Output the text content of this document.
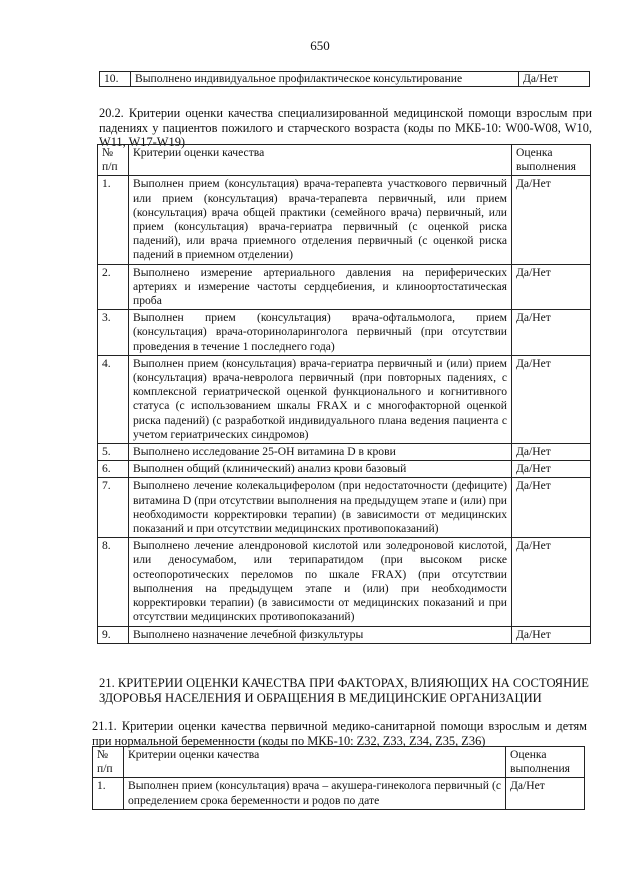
650
10.	Выполнено индивидуальное профилактическое консультирование	Да/Нет
20.2. Критерии оценки качества специализированной медицинской помощи взрослым при падениях у пациентов пожилого и старческого возраста (коды по МКБ-10: W00-W08, W10, W11, W17-W19)
№ п/п	Критерии оценки качества	Оценка выполнения
1.	Выполнен прием (консультация) врача-терапевта участкового первичный или прием (консультация) врача-терапевта первичный, или прием (консультация) врача общей практики (семейного врача) первичный, или прием (консультация) врача-гериатра первичный (с оценкой риска падений), или врача приемного отделения первичный (с оценкой риска падений в приемном отделении)	Да/Нет
2.	Выполнено измерение артериального давления на периферических артериях и измерение частоты сердцебиения, и клиноортостатическая проба	Да/Нет
3.	Выполнен прием (консультация) врача-офтальмолога, прием (консультация) врача-оториноларинголога первичный (при отсутствии проведения в течение 1 последнего года)	Да/Нет
4.	Выполнен прием (консультация) врача-гериатра первичный и (или) прием (консультация) врача-невролога первичный (при повторных падениях, с комплексной гериатрической оценкой функционального и когнитивного статуса (с использованием шкалы FRAX и с многофакторной оценкой риска падений) (с разработкой индивидуального плана ведения пациента с учетом гериатрических синдромов)	Да/Нет
5.	Выполнено исследование 25-OH витамина D в крови	Да/Нет
6.	Выполнен общий (клинический) анализ крови базовый	Да/Нет
7.	Выполнено лечение колекальциферолом (при недостаточности (дефиците) витамина D (при отсутствии выполнения на предыдущем этапе и (или) при необходимости корректировки терапии) (в зависимости от медицинских показаний и при отсутствии медицинских противопоказаний)	Да/Нет
8.	Выполнено лечение алендроновой кислотой или золедроновой кислотой, или деносумабом, или терипаратидом (при высоком риске остеопоротических переломов по шкале FRAX) (при отсутствии выполнения на предыдущем этапе и (или) при необходимости корректировки терапии) (в зависимости от медицинских показаний и при отсутствии медицинских противопоказаний)	Да/Нет
9.	Выполнено назначение лечебной физкультуры	Да/Нет
21. КРИТЕРИИ ОЦЕНКИ КАЧЕСТВА ПРИ ФАКТОРАХ, ВЛИЯЮЩИХ НА СОСТОЯНИЕ ЗДОРОВЬЯ НАСЕЛЕНИЯ И ОБРАЩЕНИЯ В МЕДИЦИНСКИЕ ОРГАНИЗАЦИИ
21.1. Критерии оценки качества первичной медико-санитарной помощи взрослым и детям при нормальной беременности (коды по МКБ-10: Z32, Z33, Z34, Z35, Z36)
№ п/п	Критерии оценки качества	Оценка выполнения
1.	Выполнен прием (консультация) врача – акушера-гинеколога первичный (с определением срока беременности и родов по дате	Да/Нет
